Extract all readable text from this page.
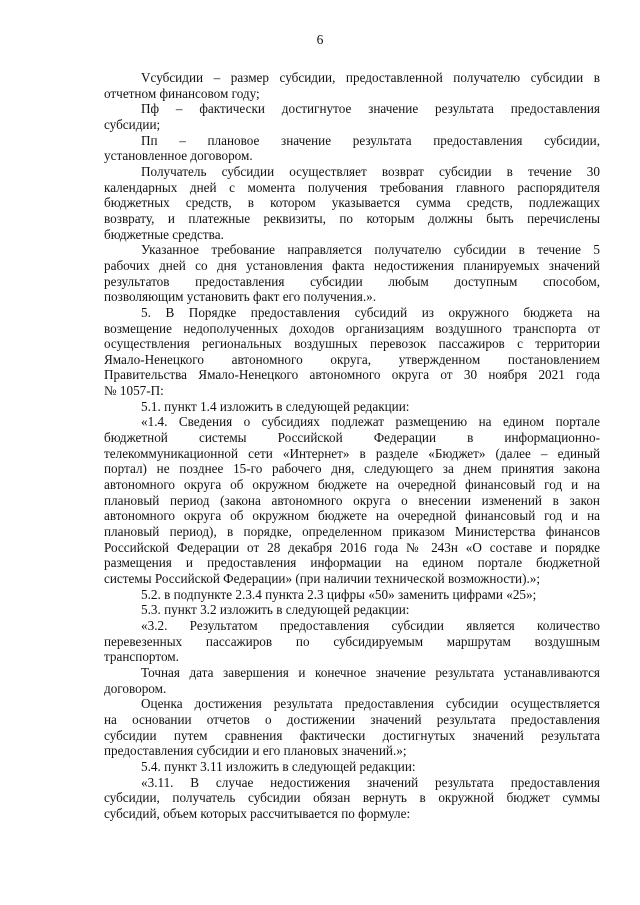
6
Vсубсидии – размер субсидии, предоставленной получателю субсидии в
отчетном финансовом году;
Пф – фактически достигнутое значение результата предоставления
субсидии;
Пп – плановое значение результата предоставления субсидии,
установленное договором.
Получатель субсидии осуществляет возврат субсидии в течение 30
календарных дней с момента получения требования главного распорядителя
бюджетных средств, в котором указывается сумма средств, подлежащих
возврату, и платежные реквизиты, по которым должны быть перечислены
бюджетные средства.
Указанное требование направляется получателю субсидии в течение 5
рабочих дней со дня установления факта недостижения планируемых значений
результатов предоставления субсидии любым доступным способом,
позволяющим установить факт его получения.».
5. В Порядке предоставления субсидий из окружного бюджета на
возмещение недополученных доходов организациям воздушного транспорта от
осуществления региональных воздушных перевозок пассажиров с территории
Ямало-Ненецкого автономного округа, утвержденном постановлением
Правительства Ямало-Ненецкого автономного округа от 30 ноября 2021 года
№ 1057-П:
5.1. пункт 1.4 изложить в следующей редакции:
«1.4. Сведения о субсидиях подлежат размещению на едином портале
бюджетной системы Российской Федерации в информационно-
телекоммуникационной сети «Интернет» в разделе «Бюджет» (далее – единый
портал) не позднее 15-го рабочего дня, следующего за днем принятия закона
автономного округа об окружном бюджете на очередной финансовый год и на
плановый период (закона автономного округа о внесении изменений в закон
автономного округа об окружном бюджете на очередной финансовый год и на
плановый период), в порядке, определенном приказом Министерства финансов
Российской Федерации от 28 декабря 2016 года № 243н «О составе и порядке
размещения и предоставления информации на едином портале бюджетной
системы Российской Федерации» (при наличии технической возможности).»;
5.2. в подпункте 2.3.4 пункта 2.3 цифры «50» заменить цифрами «25»;
5.3. пункт 3.2 изложить в следующей редакции:
«3.2. Результатом предоставления субсидии является количество
перевезенных пассажиров по субсидируемым маршрутам воздушным
транспортом.
Точная дата завершения и конечное значение результата устанавливаются
договором.
Оценка достижения результата предоставления субсидии осуществляется
на основании отчетов о достижении значений результата предоставления
субсидии путем сравнения фактически достигнутых значений результата
предоставления субсидии и его плановых значений.»;
5.4. пункт 3.11 изложить в следующей редакции:
«3.11. В случае недостижения значений результата предоставления
субсидии, получатель субсидии обязан вернуть в окружной бюджет суммы
субсидий, объем которых рассчитывается по формуле:
